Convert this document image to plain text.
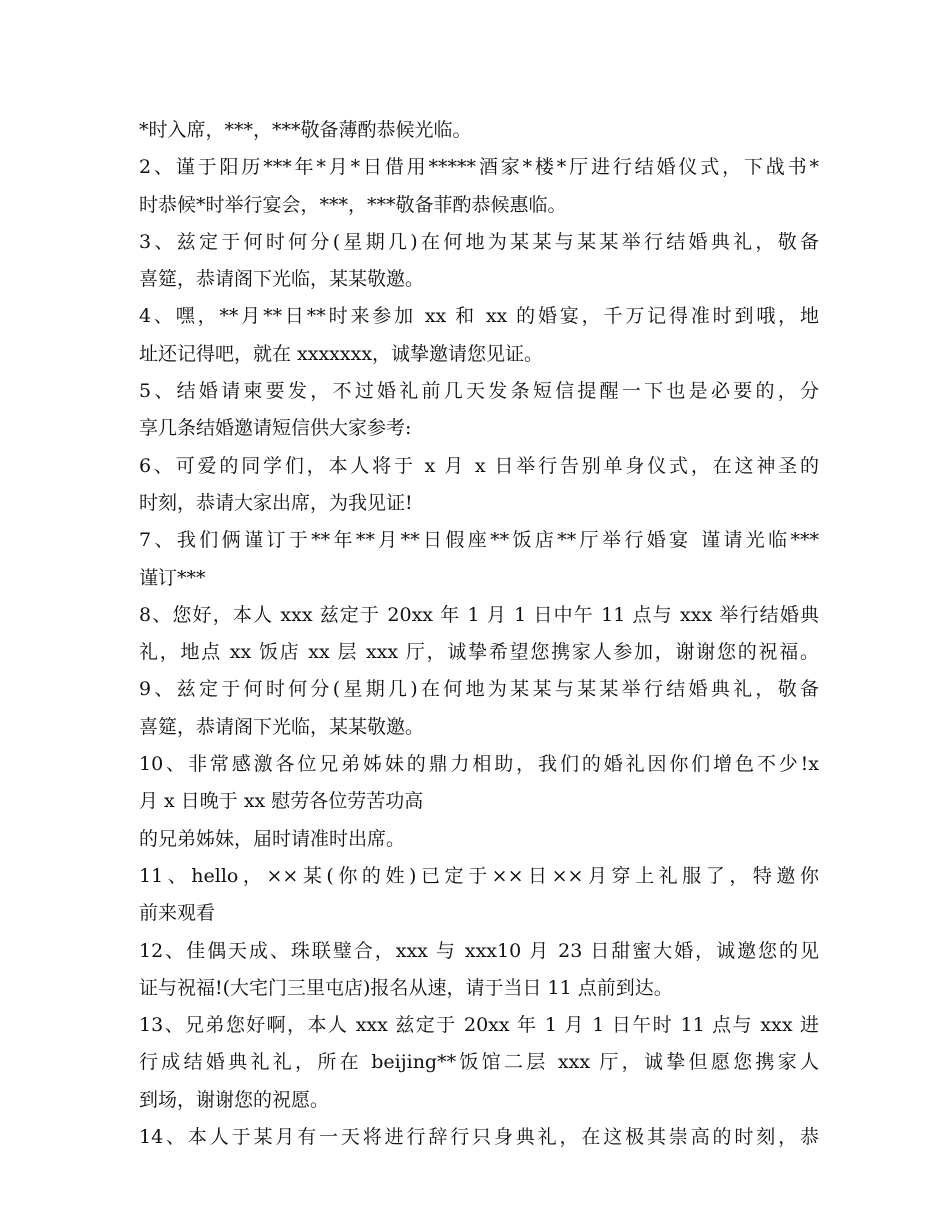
*时入席，***，***敬备薄酌恭候光临。
2、谨于阳历***年*月*日借用*****酒家*楼*厅进行结婚仪式，下战书*
时恭候*时举行宴会，***，***敬备菲酌恭候惠临。
3、兹定于何时何分(星期几)在何地为某某与某某举行结婚典礼，敬备
喜筵，恭请阁下光临，某某敬邀。
4、嘿，**月**日**时来参加 xx 和 xx 的婚宴，千万记得准时到哦，地
址还记得吧，就在 xxxxxxx，诚挚邀请您见证。
5、结婚请柬要发，不过婚礼前几天发条短信提醒一下也是必要的，分
享几条结婚邀请短信供大家参考:
6、可爱的同学们，本人将于 x 月 x 日举行告别单身仪式，在这神圣的
时刻，恭请大家出席，为我见证!
7、我们俩谨订于**年**月**日假座**饭店**厅举行婚宴 谨请光临***
谨订***
8、您好，本人 xxx 兹定于 20xx 年 1 月 1 日中午 11 点与 xxx 举行结婚典
礼，地点 xx 饭店 xx 层 xxx 厅，诚挚希望您携家人参加，谢谢您的祝福。
9、兹定于何时何分(星期几)在何地为某某与某某举行结婚典礼，敬备
喜筵，恭请阁下光临，某某敬邀。
10、非常感激各位兄弟姊妹的鼎力相助，我们的婚礼因你们增色不少!x
月 x 日晚于 xx 慰劳各位劳苦功高
的兄弟姊妹，届时请准时出席。
11、hello，××某(你的姓)已定于××日××月穿上礼服了，特邀你
前来观看
12、佳偶天成、珠联璧合，xxx 与 xxx10 月 23 日甜蜜大婚，诚邀您的见
证与祝福!(大宅门三里屯店)报名从速，请于当日 11 点前到达。
13、兄弟您好啊，本人 xxx 兹定于 20xx 年 1 月 1 日午时 11 点与 xxx 进
行成结婚典礼礼，所在 beijing**饭馆二层 xxx 厅，诚挚但愿您携家人
到场，谢谢您的祝愿。
14、本人于某月有一天将进行辞行只身典礼，在这极其崇高的时刻，恭
